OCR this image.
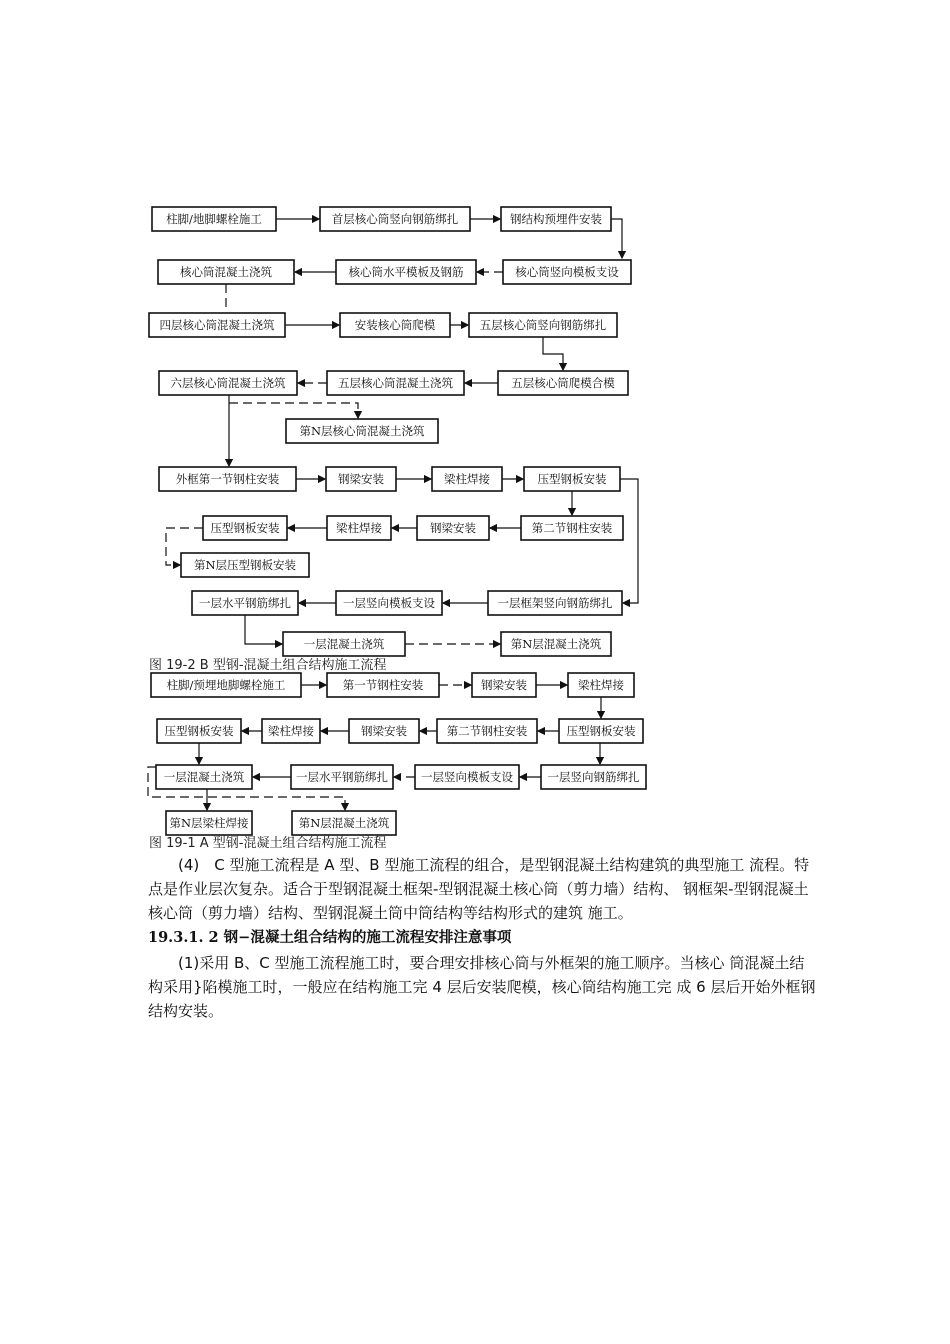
柱脚/地脚螺栓施工	首层核心筒竖向钢筋绑扎	钢结构预埋件安装
核心筒混凝土浇筑	核心筒水平模板及钢筋	核心筒竖向模板支设
四层核心筒混凝土浇筑	安装核心筒爬模	五层核心筒竖向钢筋绑扎
六层核心筒混凝土浇筑	五层核心筒混凝土浇筑	五层核心筒爬模合模
第N层核心筒混凝土浇筑
外框第一节钢柱安装	钢梁安装	梁柱焊接	压型钢板安装
压型钢板安装	梁柱焊接	钢梁安装	第二节钢柱安装
第N层压型钢板安装
一层水平钢筋绑扎	一层竖向模板支设	一层框架竖向钢筋绑扎
一层混凝土浇筑	第N层混凝土浇筑
柱脚/预埋地脚螺栓施工	第一节钢柱安装	钢梁安装	梁柱焊接
压型钢板安装	梁柱焊接	钢梁安装	第二节钢柱安装	压型钢板安装
一层混凝土浇筑	一层水平钢筋绑扎	一层竖向模板支设	一层竖向钢筋绑扎
第N层梁柱焊接	第N层混凝土浇筑
图 19-2 B 型钢-混凝土组合结构施工流程
图 19-1 A 型钢-混凝土组合结构施工流程

(4)　C 型施工流程是 A 型、B 型施工流程的组合，是型钢混凝土结构建筑的典型施工 流程。特点是作业层次复杂。适合于型钢混凝土框架-型钢混凝土核心筒（剪力墙）结构、 钢框架-型钢混凝土核心筒（剪力墙）结构、型钢混凝土筒中筒结构等结构形式的建筑 施工。

19.3.1. 2 钢−混凝土组合结构的施工流程安排注意事项

(1)采用 B、C 型施工流程施工时，要合理安排核心筒与外框架的施工顺序。当核心 筒混凝土结构采用}陷模施工时，一般应在结构施工完 4 层后安装爬模，核心筒结构施工完 成 6 层后开始外框钢结构安装。
